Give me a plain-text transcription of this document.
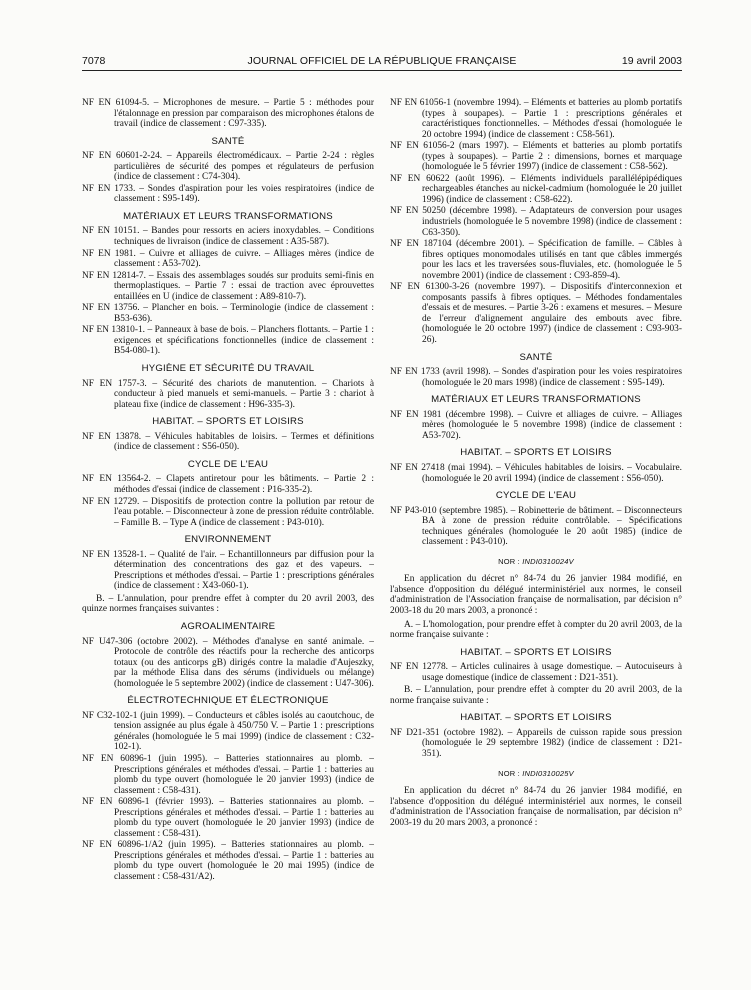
7078	JOURNAL OFFICIEL DE LA RÉPUBLIQUE FRANÇAISE	19 avril 2003
NF EN 61094-5. – Microphones de mesure. – Partie 5 : méthodes pour l'étalonnage en pression par comparaison des microphones étalons de travail (indice de classement : C97-335).
SANTÉ
NF EN 60601-2-24. – Appareils électromédicaux. – Partie 2-24 : règles particulières de sécurité des pompes et régulateurs de perfusion (indice de classement : C74-304).
NF EN 1733. – Sondes d'aspiration pour les voies respiratoires (indice de classement : S95-149).
MATÉRIAUX ET LEURS TRANSFORMATIONS
NF EN 10151. – Bandes pour ressorts en aciers inoxydables. – Conditions techniques de livraison (indice de classement : A35-587).
NF EN 1981. – Cuivre et alliages de cuivre. – Alliages mères (indice de classement : A53-702).
NF EN 12814-7. – Essais des assemblages soudés sur produits semi-finis en thermoplastiques. – Partie 7 : essai de traction avec éprouvettes entaillées en U (indice de classement : A89-810-7).
NF EN 13756. – Plancher en bois. – Terminologie (indice de classement : B53-636).
NF EN 13810-1. – Panneaux à base de bois. – Planchers flottants. – Partie 1 : exigences et spécifications fonctionnelles (indice de classement : B54-080-1).
HYGIÈNE ET SÉCURITÉ DU TRAVAIL
NF EN 1757-3. – Sécurité des chariots de manutention. – Chariots à conducteur à pied manuels et semi-manuels. – Partie 3 : chariot à plateau fixe (indice de classement : H96-335-3).
HABITAT. – SPORTS ET LOISIRS
NF EN 13878. – Véhicules habitables de loisirs. – Termes et définitions (indice de classement : S56-050).
CYCLE DE L'EAU
NF EN 13564-2. – Clapets antiretour pour les bâtiments. – Partie 2 : méthodes d'essai (indice de classement : P16-335-2).
NF EN 12729. – Dispositifs de protection contre la pollution par retour de l'eau potable. – Disconnecteur à zone de pression réduite contrôlable. – Famille B. – Type A (indice de classement : P43-010).
ENVIRONNEMENT
NF EN 13528-1. – Qualité de l'air. – Echantillonneurs par diffusion pour la détermination des concentrations des gaz et des vapeurs. – Prescriptions et méthodes d'essai. – Partie 1 : prescriptions générales (indice de classement : X43-060-1).
B. – L'annulation, pour prendre effet à compter du 20 avril 2003, des quinze normes françaises suivantes :
AGROALIMENTAIRE
NF U47-306 (octobre 2002). – Méthodes d'analyse en santé animale. – Protocole de contrôle des réactifs pour la recherche des anticorps totaux (ou des anticorps gB) dirigés contre la maladie d'Aujeszky, par la méthode Elisa dans des sérums (individuels ou mélange) (homologuée le 5 septembre 2002) (indice de classement : U47-306).
ÉLECTROTECHNIQUE ET ÉLECTRONIQUE
NF C32-102-1 (juin 1999). – Conducteurs et câbles isolés au caoutchouc, de tension assignée au plus égale à 450/750 V. – Partie 1 : prescriptions générales (homologuée le 5 mai 1999) (indice de classement : C32-102-1).
NF EN 60896-1 (juin 1995). – Batteries stationnaires au plomb. – Prescriptions générales et méthodes d'essai. – Partie 1 : batteries au plomb du type ouvert (homologuée le 20 janvier 1993) (indice de classement : C58-431).
NF EN 60896-1 (février 1993). – Batteries stationnaires au plomb. – Prescriptions générales et méthodes d'essai. – Partie 1 : batteries au plomb du type ouvert (homologuée le 20 janvier 1993) (indice de classement : C58-431).
NF EN 60896-1/A2 (juin 1995). – Batteries stationnaires au plomb. – Prescriptions générales et méthodes d'essai. – Partie 1 : batteries au plomb du type ouvert (homologuée le 20 mai 1995) (indice de classement : C58-431/A2).
NF EN 61056-1 (novembre 1994). – Eléments et batteries au plomb portatifs (types à soupapes). – Partie 1 : prescriptions générales et caractéristiques fonctionnelles. – Méthodes d'essai (homologuée le 20 octobre 1994) (indice de classement : C58-561).
NF EN 61056-2 (mars 1997). – Eléments et batteries au plomb portatifs (types à soupapes). – Partie 2 : dimensions, bornes et marquage (homologuée le 5 février 1997) (indice de classement : C58-562).
NF EN 60622 (août 1996). – Eléments individuels parallélépipédiques rechargeables étanches au nickel-cadmium (homologuée le 20 juillet 1996) (indice de classement : C58-622).
NF EN 50250 (décembre 1998). – Adaptateurs de conversion pour usages industriels (homologuée le 5 novembre 1998) (indice de classement : C63-350).
NF EN 187104 (décembre 2001). – Spécification de famille. – Câbles à fibres optiques monomodales utilisés en tant que câbles immergés pour les lacs et les traversées sous-fluviales, etc. (homologuée le 5 novembre 2001) (indice de classement : C93-859-4).
NF EN 61300-3-26 (novembre 1997). – Dispositifs d'interconnexion et composants passifs à fibres optiques. – Méthodes fondamentales d'essais et de mesures. – Partie 3-26 : examens et mesures. – Mesure de l'erreur d'alignement angulaire des embouts avec fibre. (homologuée le 20 octobre 1997) (indice de classement : C93-903-26).
SANTÉ
NF EN 1733 (avril 1998). – Sondes d'aspiration pour les voies respiratoires (homologuée le 20 mars 1998) (indice de classement : S95-149).
MATÉRIAUX ET LEURS TRANSFORMATIONS
NF EN 1981 (décembre 1998). – Cuivre et alliages de cuivre. – Alliages mères (homologuée le 5 novembre 1998) (indice de classement : A53-702).
HABITAT. – SPORTS ET LOISIRS
NF EN 27418 (mai 1994). – Véhicules habitables de loisirs. – Vocabulaire. (homologuée le 20 avril 1994) (indice de classement : S56-050).
CYCLE DE L'EAU
NF P43-010 (septembre 1985). – Robinetterie de bâtiment. – Disconnecteurs BA à zone de pression réduite contrôlable. – Spécifications techniques générales (homologuée le 20 août 1985) (indice de classement : P43-010).
NOR : INDI0310024V
En application du décret n° 84-74 du 26 janvier 1984 modifié, en l'absence d'opposition du délégué interministériel aux normes, le conseil d'administration de l'Association française de normalisation, par décision n° 2003-18 du 20 mars 2003, a prononcé :
A. – L'homologation, pour prendre effet à compter du 20 avril 2003, de la norme française suivante :
HABITAT. – SPORTS ET LOISIRS
NF EN 12778. – Articles culinaires à usage domestique. – Autocuiseurs à usage domestique (indice de classement : D21-351).
B. – L'annulation, pour prendre effet à compter du 20 avril 2003, de la norme française suivante :
HABITAT. – SPORTS ET LOISIRS
NF D21-351 (octobre 1982). – Appareils de cuisson rapide sous pression (homologuée le 29 septembre 1982) (indice de classement : D21-351).
NOR : INDI0310025V
En application du décret n° 84-74 du 26 janvier 1984 modifié, en l'absence d'opposition du délégué interministériel aux normes, le conseil d'administration de l'Association française de normalisation, par décision n° 2003-19 du 20 mars 2003, a prononcé :
